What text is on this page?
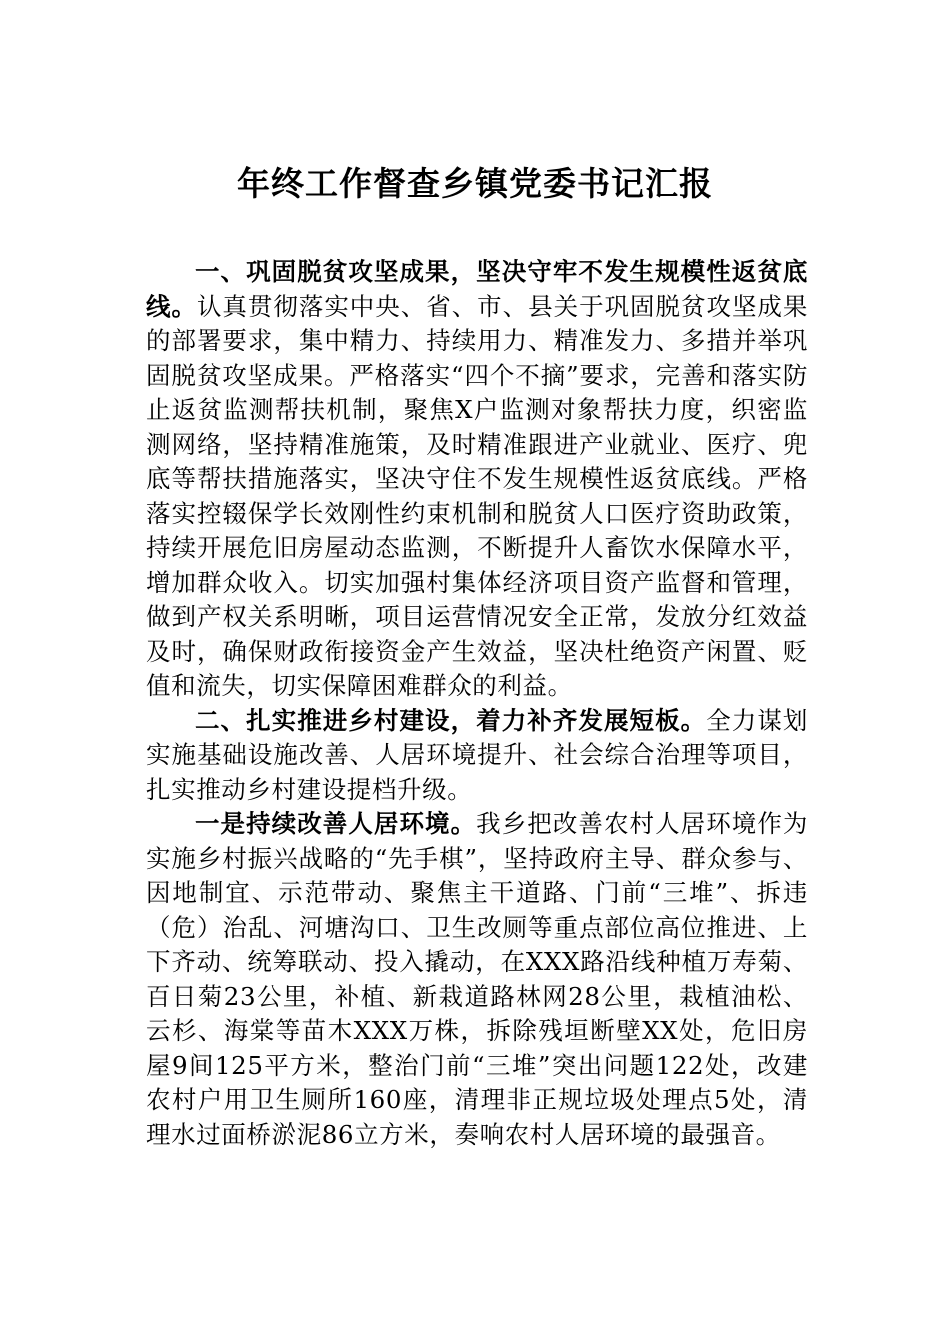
年终工作督查乡镇党委书记汇报

一、巩固脱贫攻坚成果，坚决守牢不发生规模性返贫底线。认真贯彻落实中央、省、市、县关于巩固脱贫攻坚成果的部署要求，集中精力、持续用力、精准发力、多措并举巩固脱贫攻坚成果。严格落实“四个不摘”要求，完善和落实防止返贫监测帮扶机制，聚焦X户监测对象帮扶力度，织密监测网络，坚持精准施策，及时精准跟进产业就业、医疗、兜底等帮扶措施落实，坚决守住不发生规模性返贫底线。严格落实控辍保学长效刚性约束机制和脱贫人口医疗资助政策，持续开展危旧房屋动态监测，不断提升人畜饮水保障水平，增加群众收入。切实加强村集体经济项目资产监督和管理，做到产权关系明晰，项目运营情况安全正常，发放分红效益及时，确保财政衔接资金产生效益，坚决杜绝资产闲置、贬值和流失，切实保障困难群众的利益。

二、扎实推进乡村建设，着力补齐发展短板。全力谋划实施基础设施改善、人居环境提升、社会综合治理等项目，扎实推动乡村建设提档升级。

一是持续改善人居环境。我乡把改善农村人居环境作为实施乡村振兴战略的“先手棋”，坚持政府主导、群众参与、因地制宜、示范带动、聚焦主干道路、门前“三堆”、拆违（危）治乱、河塘沟口、卫生改厕等重点部位高位推进、上下齐动、统筹联动、投入撬动，在XXX路沿线种植万寿菊、百日菊23公里，补植、新栽道路林网28公里，栽植油松、云杉、海棠等苗木XXX万株，拆除残垣断壁XX处，危旧房屋9间125平方米，整治门前“三堆”突出问题122处，改建农村户用卫生厕所160座，清理非正规垃圾处理点5处，清理水过面桥淤泥86立方米，奏响农村人居环境的最强音。
